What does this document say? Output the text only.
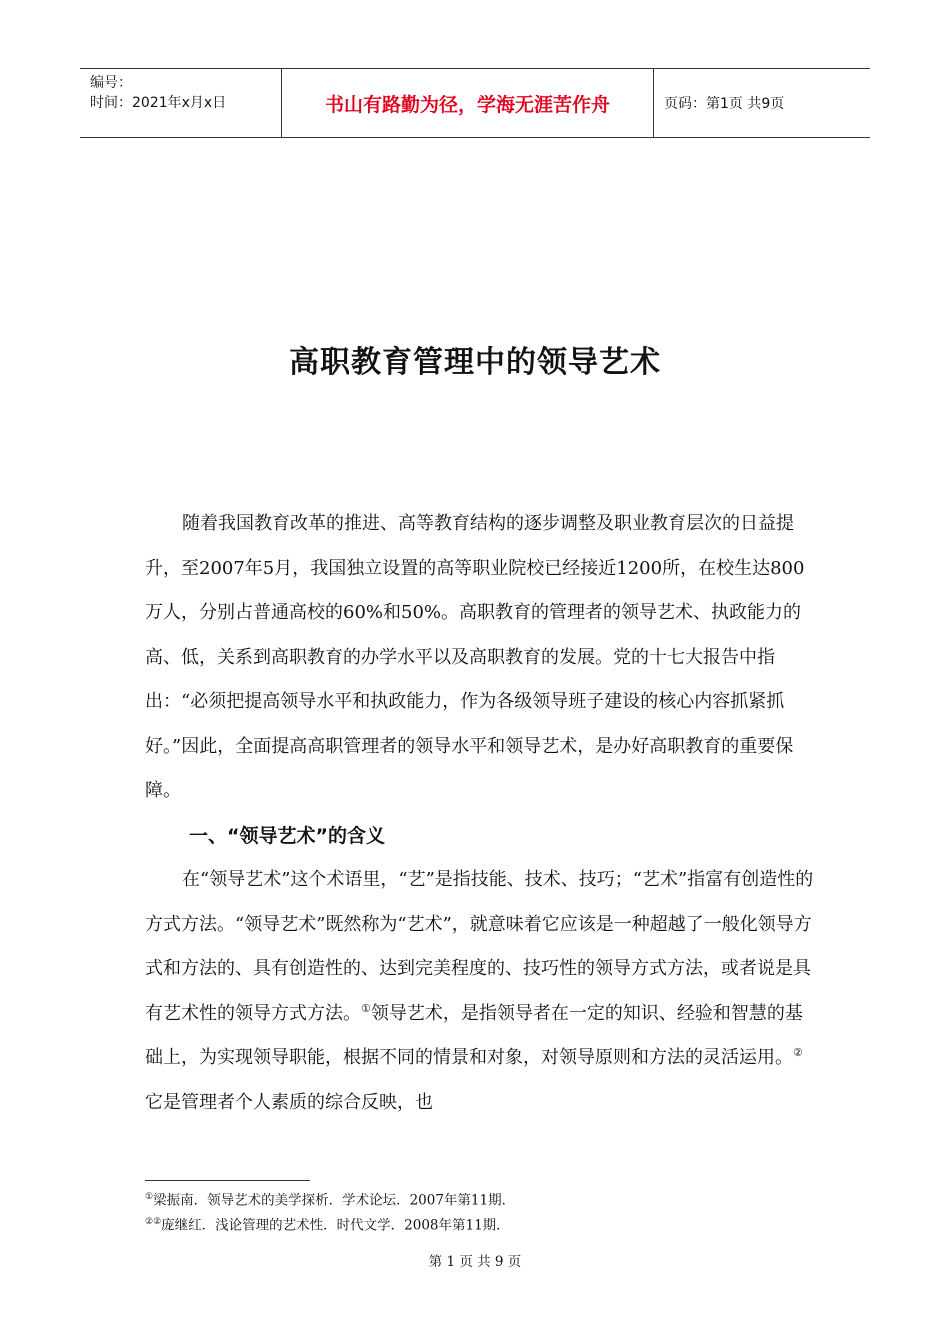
编号：
时间：2021年x月x日	书山有路勤为径，学海无涯苦作舟	页码：第1页 共9页
高职教育管理中的领导艺术

随着我国教育改革的推进、高等教育结构的逐步调整及职业教育层次的日益提升，至2007年5月，我国独立设置的高等职业院校已经接近1200所，在校生达800万人，分别占普通高校的60%和50%。高职教育的管理者的领导艺术、执政能力的高、低，关系到高职教育的办学水平以及高职教育的发展。党的十七大报告中指出：“必须把提高领导水平和执政能力，作为各级领导班子建设的核心内容抓紧抓好。”因此，全面提高高职管理者的领导水平和领导艺术，是办好高职教育的重要保障。

一、“领导艺术”的含义

在“领导艺术”这个术语里，“艺”是指技能、技术、技巧；“艺术”指富有创造性的方式方法。“领导艺术”既然称为“艺术”，就意味着它应该是一种超越了一般化领导方式和方法的、具有创造性的、达到完美程度的、技巧性的领导方式方法，或者说是具有艺术性的领导方式方法。①领导艺术，是指领导者在一定的知识、经验和智慧的基础上，为实现领导职能，根据不同的情景和对象，对领导原则和方法的灵活运用。②它是管理者个人素质的综合反映，也

①梁振南．领导艺术的美学探析．学术论坛．2007年第11期．
②②庞继红．浅论管理的艺术性．时代文学．2008年第11期．
第 1 页 共 9 页
